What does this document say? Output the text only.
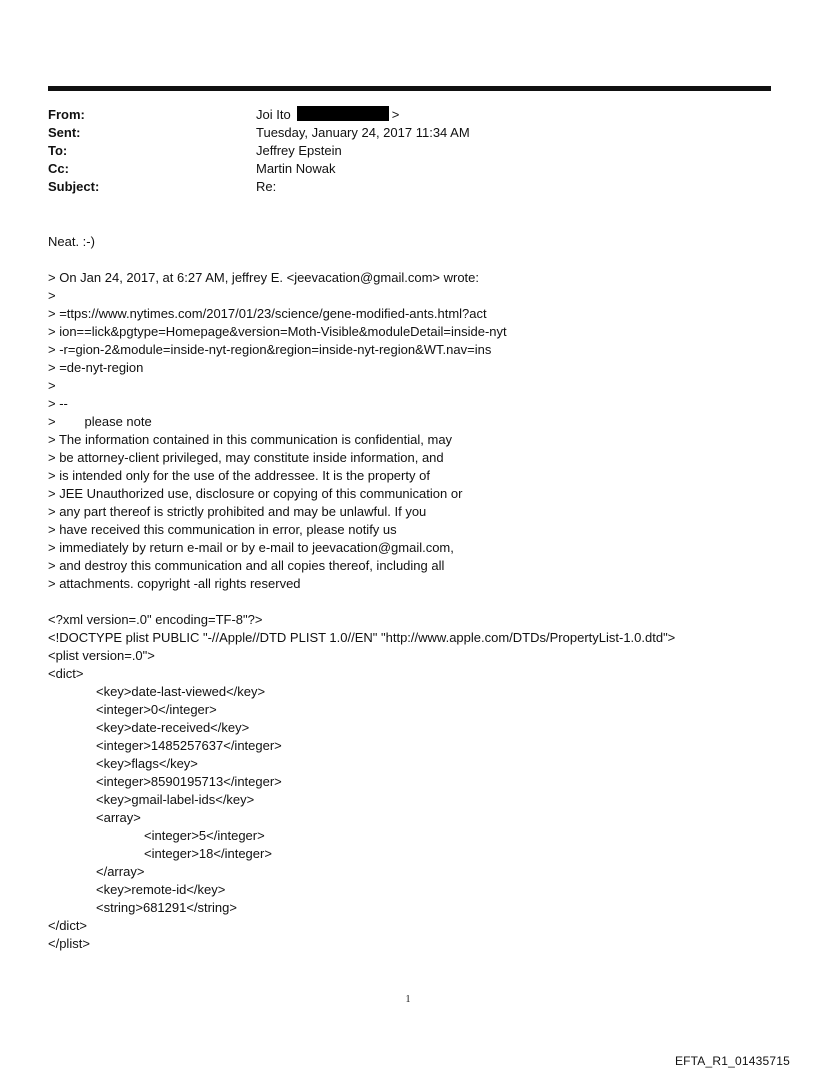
From:	Joi Ito	>
Sent:	Tuesday, January 24, 2017 11:34 AM
To:	Jeffrey Epstein
Cc:	Martin Nowak
Subject:	Re:
Neat. :-)
> On Jan 24, 2017, at 6:27 AM, jeffrey E. <jeevacation@gmail.com> wrote:
>
> =ttps://www.nytimes.com/2017/01/23/science/gene-modified-ants.html?act
> ion==lick&pgtype=Homepage&version=Moth-Visible&moduleDetail=inside-nyt
> -r=gion-2&module=inside-nyt-region&region=inside-nyt-region&WT.nav=ins
> =de-nyt-region
>
> --
>        please note
> The information contained in this communication is confidential, may
> be attorney-client privileged, may constitute inside information, and
> is intended only for the use of the addressee. It is the property of
> JEE Unauthorized use, disclosure or copying of this communication or
> any part thereof is strictly prohibited and may be unlawful. If you
> have received this communication in error, please notify us
> immediately by return e-mail or by e-mail to jeevacation@gmail.com,
> and destroy this communication and all copies thereof, including all
> attachments. copyright -all rights reserved
<?xml version=.0" encoding=TF-8"?>
<!DOCTYPE plist PUBLIC "-//Apple//DTD PLIST 1.0//EN" "http://www.apple.com/DTDs/PropertyList-1.0.dtd">
<plist version=.0">
<dict>
<key>date-last-viewed</key>
<integer>0</integer>
<key>date-received</key>
<integer>1485257637</integer>
<key>flags</key>
<integer>8590195713</integer>
<key>gmail-label-ids</key>
<array>
<integer>5</integer>
<integer>18</integer>
</array>
<key>remote-id</key>
<string>681291</string>
</dict>
</plist>
1
EFTA_R1_01435715
